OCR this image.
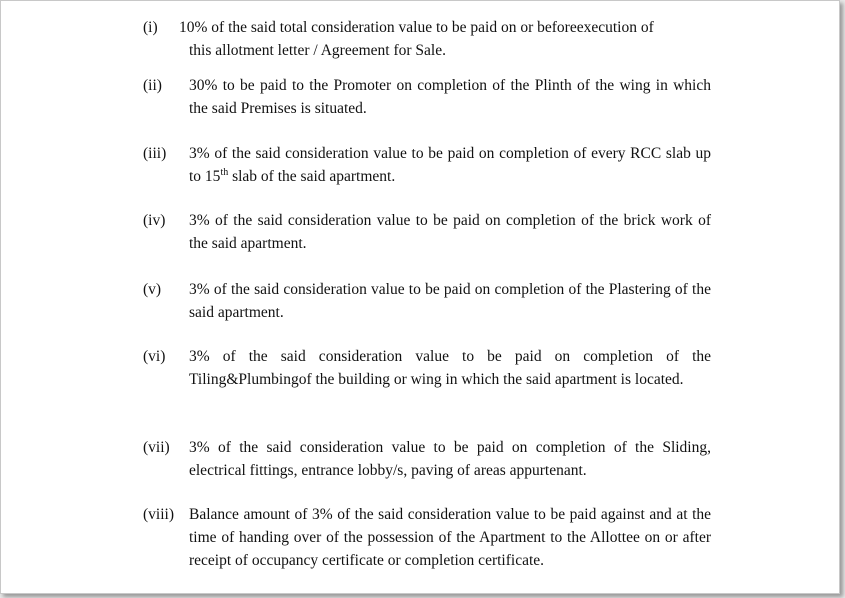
(i) 10% of the said total consideration value to be paid on or beforeexecution of
this allotment letter / Agreement for Sale.
(ii) 30% to be paid to the Promoter on completion of the Plinth of the wing in which the said Premises is situated.
(iii) 3% of the said consideration value to be paid on completion of every RCC slab up to 15th slab of the said apartment.
(iv) 3% of the said consideration value to be paid on completion of the brick work of the said apartment.
(v) 3% of the said consideration value to be paid on completion of the Plastering of the said apartment.
(vi) 3% of the said consideration value to be paid on completion of the Tiling&Plumbingof the building or wing in which the said apartment is located.
(vii) 3% of the said consideration value to be paid on completion of the Sliding, electrical fittings, entrance lobby/s, paving of areas appurtenant.
(viii) Balance amount of 3% of the said consideration value to be paid against and at the time of handing over of the possession of the Apartment to the Allottee on or after receipt of occupancy certificate or completion certificate.
